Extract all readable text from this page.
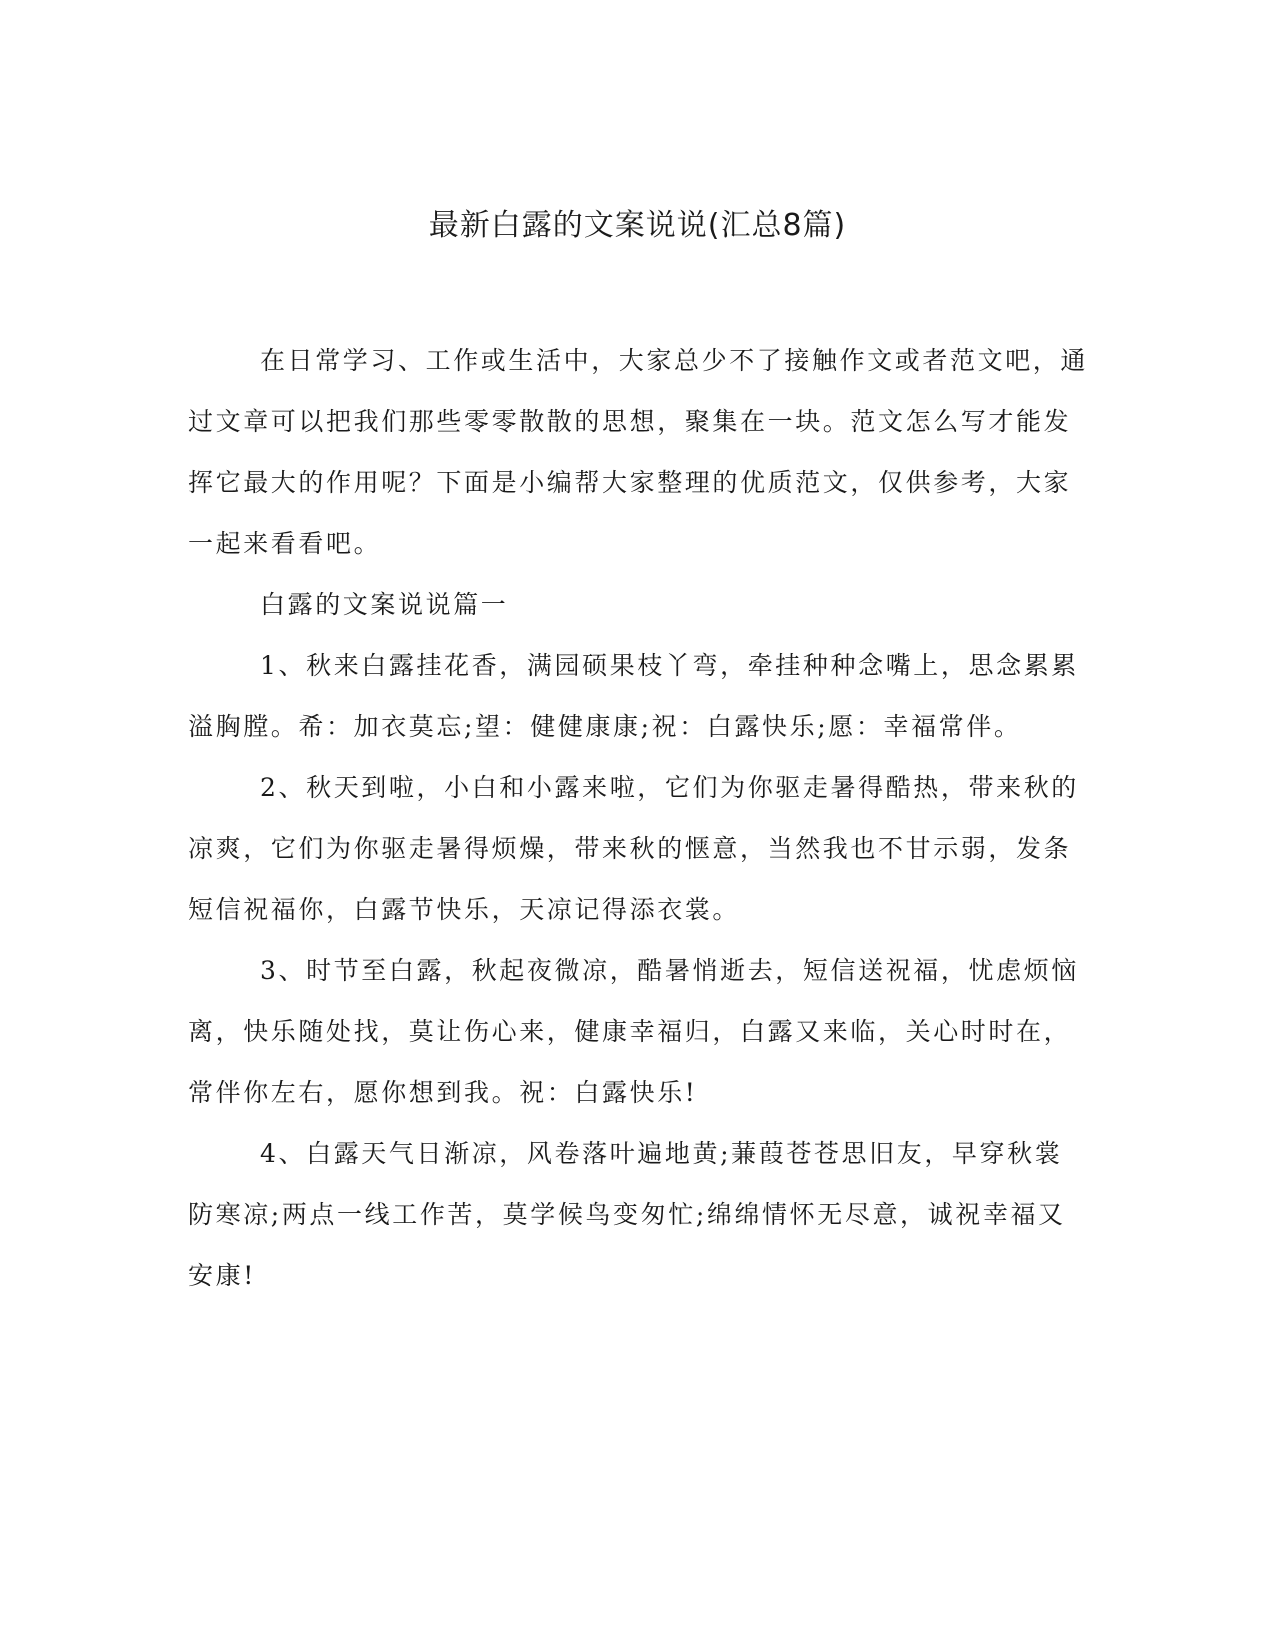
最新白露的文案说说(汇总8篇)

在日常学习、工作或生活中，大家总少不了接触作文或者范文吧，通过文章可以把我们那些零零散散的思想，聚集在一块。范文怎么写才能发挥它最大的作用呢？下面是小编帮大家整理的优质范文，仅供参考，大家一起来看看吧。

白露的文案说说篇一

1、秋来白露挂花香，满园硕果枝丫弯，牵挂种种念嘴上，思念累累溢胸膛。希：加衣莫忘;望：健健康康;祝：白露快乐;愿：幸福常伴。

2、秋天到啦，小白和小露来啦，它们为你驱走暑得酷热，带来秋的凉爽，它们为你驱走暑得烦燥，带来秋的惬意，当然我也不甘示弱，发条短信祝福你，白露节快乐，天凉记得添衣裳。

3、时节至白露，秋起夜微凉，酷暑悄逝去，短信送祝福，忧虑烦恼离，快乐随处找，莫让伤心来，健康幸福归，白露又来临，关心时时在，常伴你左右，愿你想到我。祝：白露快乐!

4、白露天气日渐凉，风卷落叶遍地黄;蒹葭苍苍思旧友，早穿秋裳防寒凉;两点一线工作苦，莫学候鸟变匆忙;绵绵情怀无尽意，诚祝幸福又安康!
